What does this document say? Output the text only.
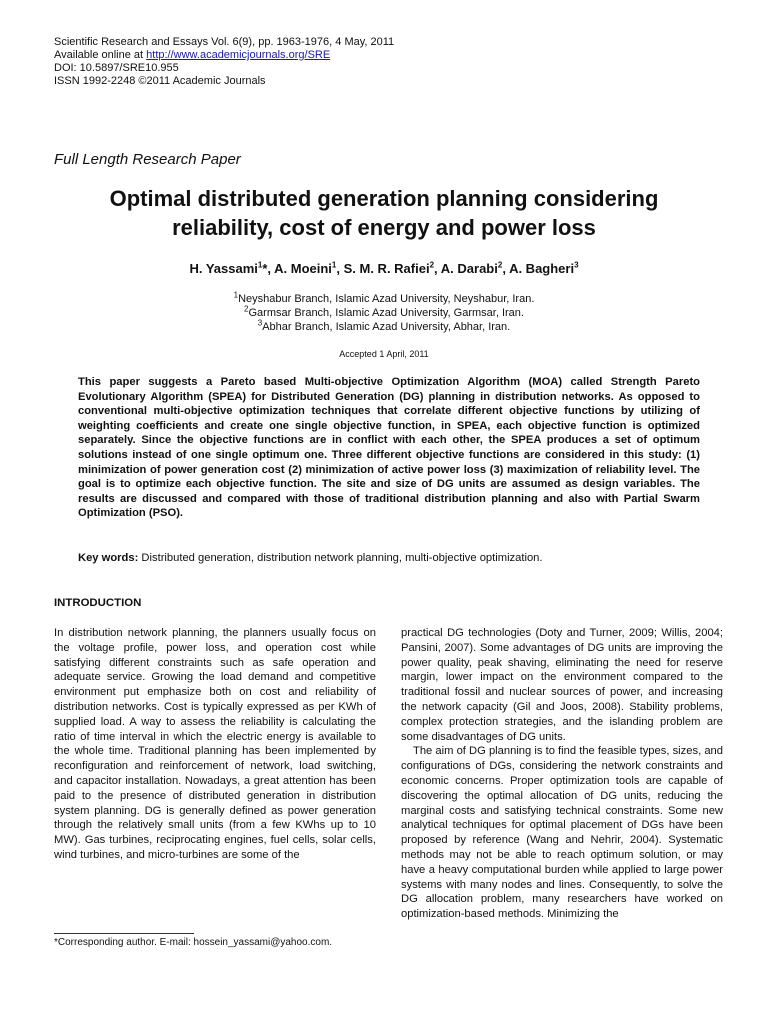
Scientific Research and Essays Vol. 6(9), pp. 1963-1976, 4 May, 2011
Available online at http://www.academicjournals.org/SRE
DOI: 10.5897/SRE10.955
ISSN 1992-2248 ©2011 Academic Journals
Full Length Research Paper
Optimal distributed generation planning considering
reliability, cost of energy and power loss
H. Yassami$^1$*, A. Moeini$^1$, S. M. R. Rafiei$^2$, A. Darabi$^2$, A. Bagheri$^3$
$^1$Neyshabur Branch, Islamic Azad University, Neyshabur, Iran.
$^2$Garmsar Branch, Islamic Azad University, Garmsar, Iran.
$^3$Abhar Branch, Islamic Azad University, Abhar, Iran.
Accepted 1 April, 2011

This paper suggests a Pareto based Multi-objective Optimization Algorithm (MOA) called Strength Pareto Evolutionary Algorithm (SPEA) for Distributed Generation (DG) planning in distribution networks. As opposed to conventional multi-objective optimization techniques that correlate different objective functions by utilizing of weighting coefficients and create one single objective function, in SPEA, each objective function is optimized separately. Since the objective functions are in conflict with each other, the SPEA produces a set of optimum solutions instead of one single optimum one. Three different objective functions are considered in this study: (1) minimization of power generation cost (2) minimization of active power loss (3) maximization of reliability level. The goal is to optimize each objective function. The site and size of DG units are assumed as design variables. The results are discussed and compared with those of traditional distribution planning and also with Partial Swarm Optimization (PSO).

Key words: Distributed generation, distribution network planning, multi-objective optimization.

INTRODUCTION

In distribution network planning, the planners usually focus on the voltage profile, power loss, and operation cost while satisfying different constraints such as safe operation and adequate service. Growing the load demand and competitive environment put emphasize both on cost and reliability of distribution networks. Cost is typically expressed as per KWh of supplied load. A way to assess the reliability is calculating the ratio of time interval in which the electric energy is available to the whole time. Traditional planning has been implemented by reconfiguration and reinforcement of network, load switching, and capacitor installation. Nowadays, a great attention has been paid to the presence of distributed generation in distribution system planning. DG is generally defined as power generation through the relatively small units (from a few KWhs up to 10 MW). Gas turbines, reciprocating engines, fuel cells, solar cells, wind turbines, and micro-turbines are some of the

practical DG technologies (Doty and Turner, 2009; Willis, 2004; Pansini, 2007). Some advantages of DG units are improving the power quality, peak shaving, eliminating the need for reserve margin, lower impact on the environment compared to the traditional fossil and nuclear sources of power, and increasing the network capacity (Gil and Joos, 2008). Stability problems, complex protection strategies, and the islanding problem are some disadvantages of DG units.

The aim of DG planning is to find the feasible types, sizes, and configurations of DGs, considering the network constraints and economic concerns. Proper optimization tools are capable of discovering the optimal allocation of DG units, reducing the marginal costs and satisfying technical constraints. Some new analytical techniques for optimal placement of DGs have been proposed by reference (Wang and Nehrir, 2004). Systematic methods may not be able to reach optimum solution, or may have a heavy computational burden while applied to large power systems with many nodes and lines. Consequently, to solve the DG allocation problem, many researchers have worked on optimization-based methods. Minimizing the

*Corresponding author. E-mail: hossein_yassami@yahoo.com.
